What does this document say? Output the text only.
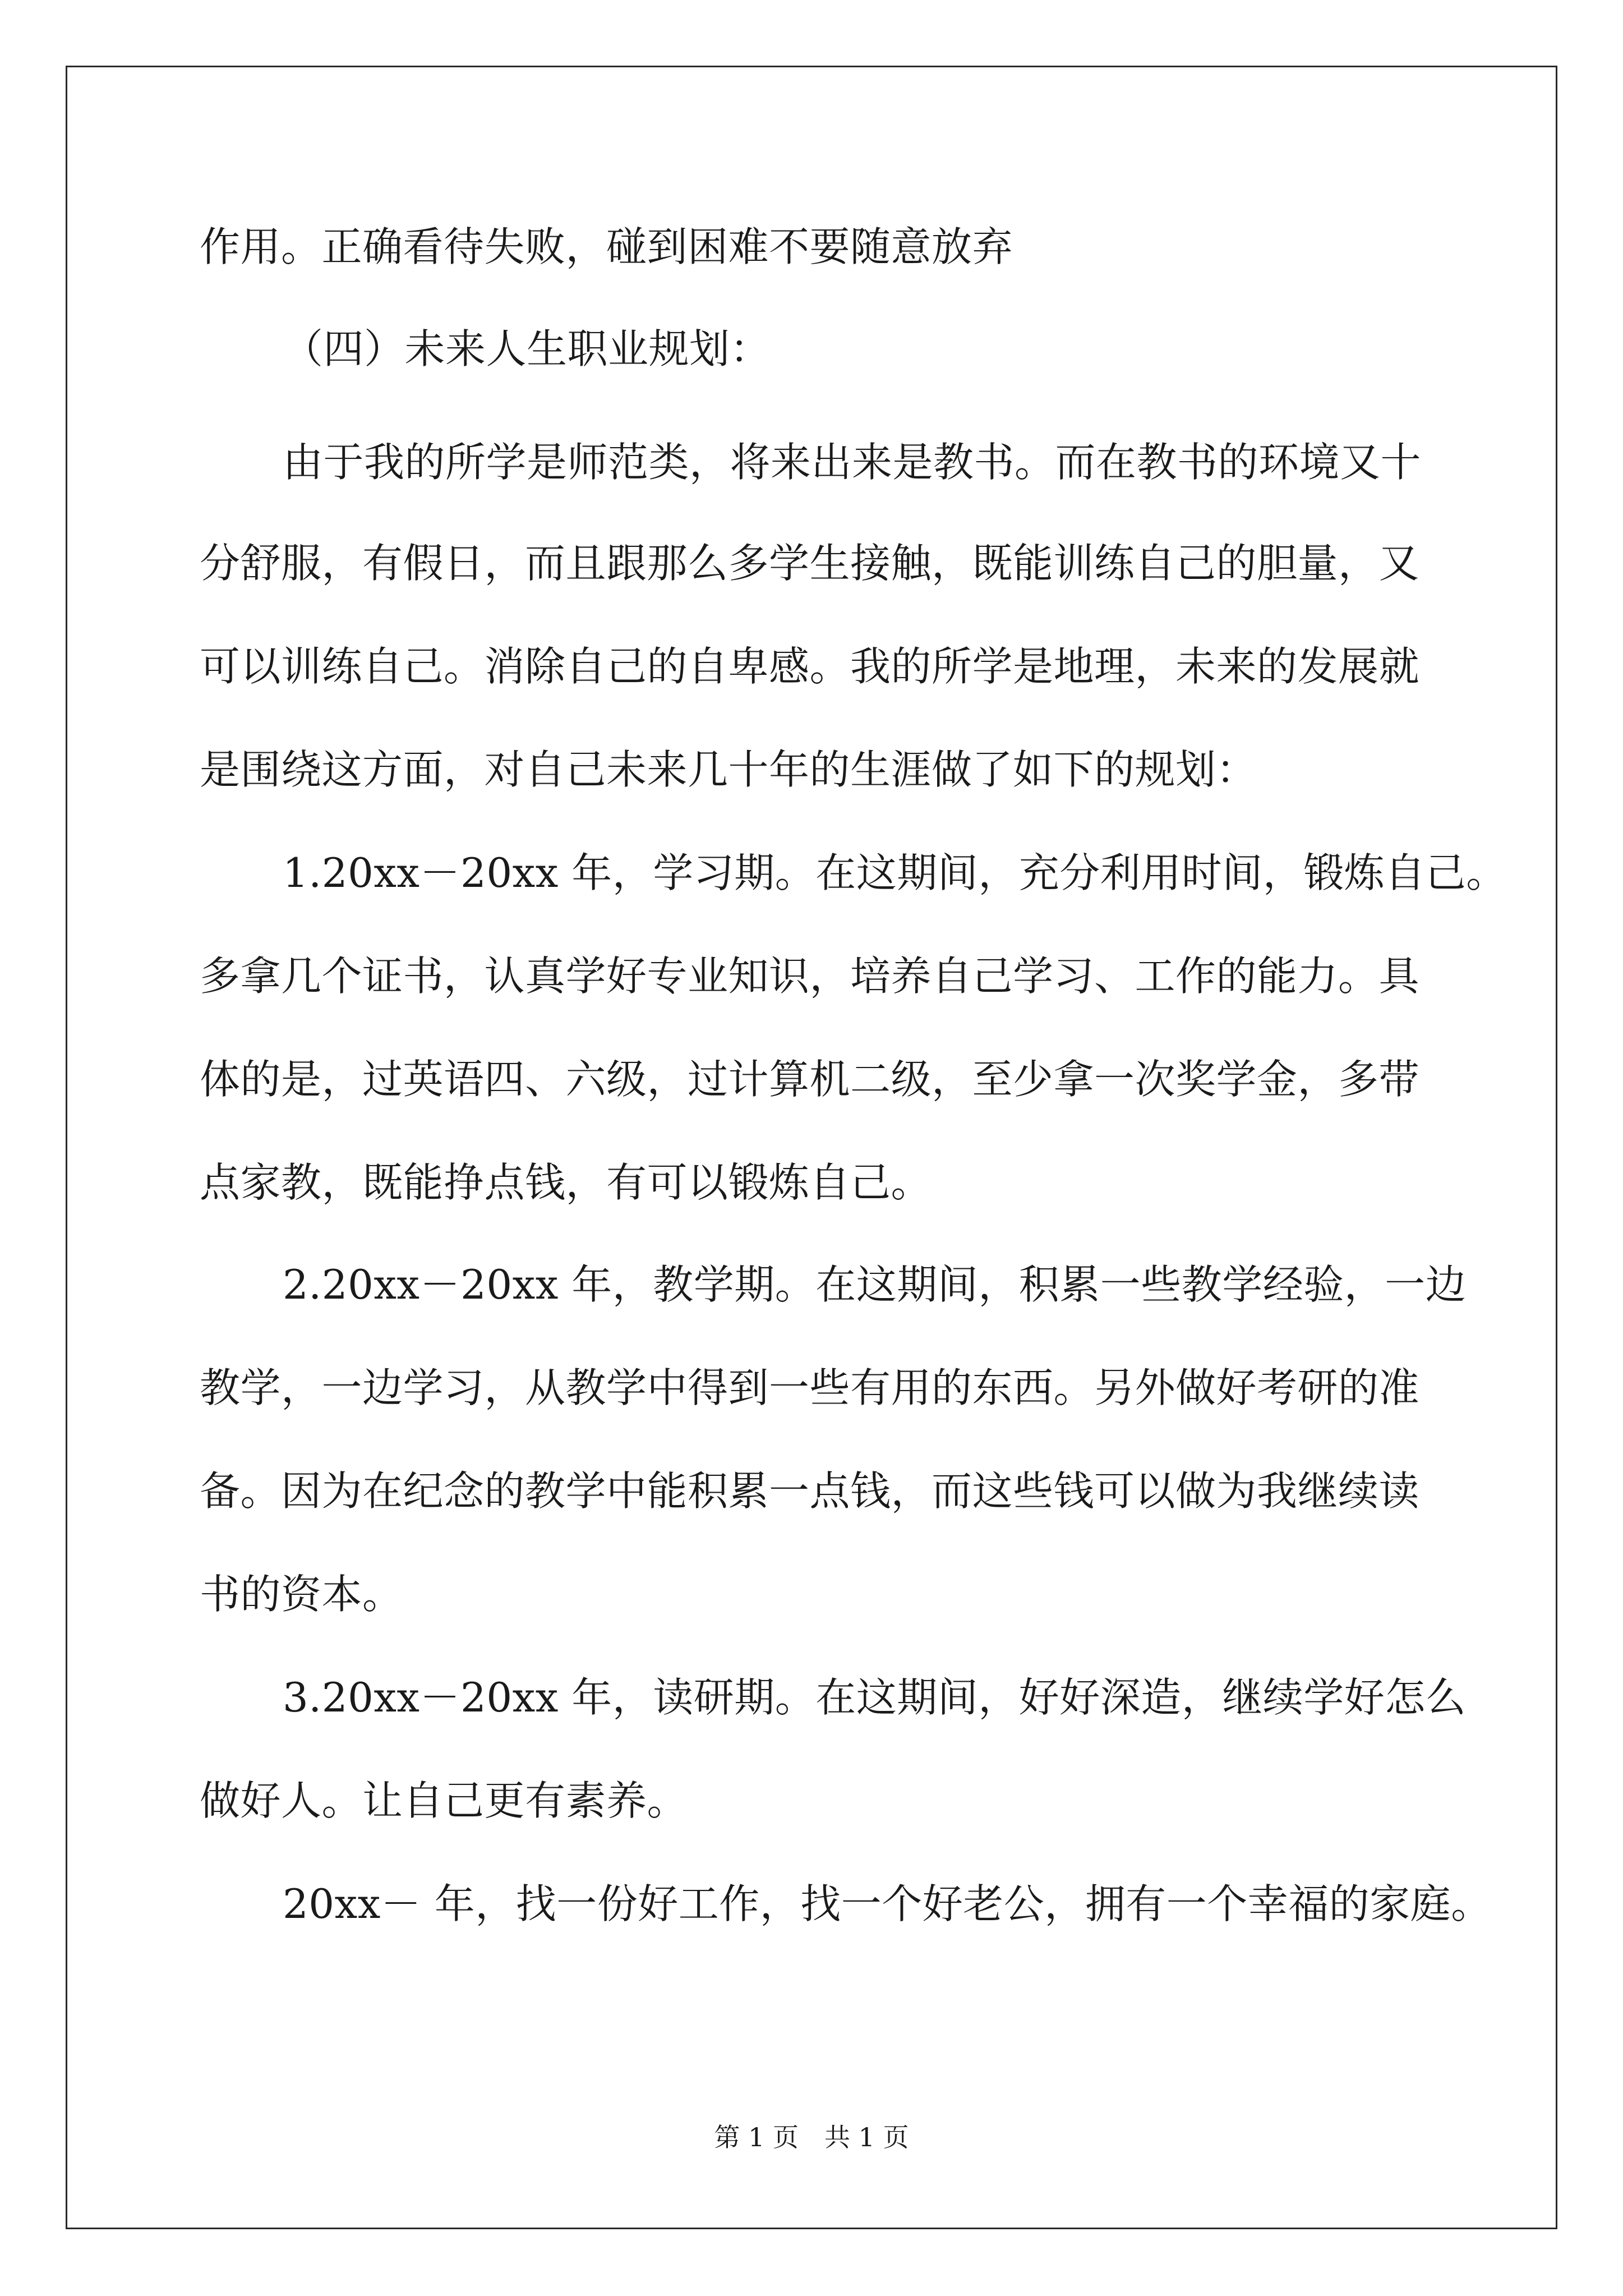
作用。正确看待失败，碰到困难不要随意放弃
（四）未来人生职业规划：
由于我的所学是师范类，将来出来是教书。而在教书的环境又十
分舒服，有假日，而且跟那么多学生接触，既能训练自己的胆量，又
可以训练自己。消除自己的自卑感。我的所学是地理，未来的发展就
是围绕这方面，对自己未来几十年的生涯做了如下的规划：
1.20xx－20xx 年，学习期。在这期间，充分利用时间，锻炼自己。
多拿几个证书，认真学好专业知识，培养自己学习、工作的能力。具
体的是，过英语四、六级，过计算机二级，至少拿一次奖学金，多带
点家教，既能挣点钱，有可以锻炼自己。
2.20xx－20xx 年，教学期。在这期间，积累一些教学经验，一边
教学，一边学习，从教学中得到一些有用的东西。另外做好考研的准
备。因为在纪念的教学中能积累一点钱，而这些钱可以做为我继续读
书的资本。
3.20xx－20xx 年，读研期。在这期间，好好深造，继续学好怎么
做好人。让自己更有素养。
20xx－ 年，找一份好工作，找一个好老公，拥有一个幸福的家庭。
第 1 页　共 1 页
